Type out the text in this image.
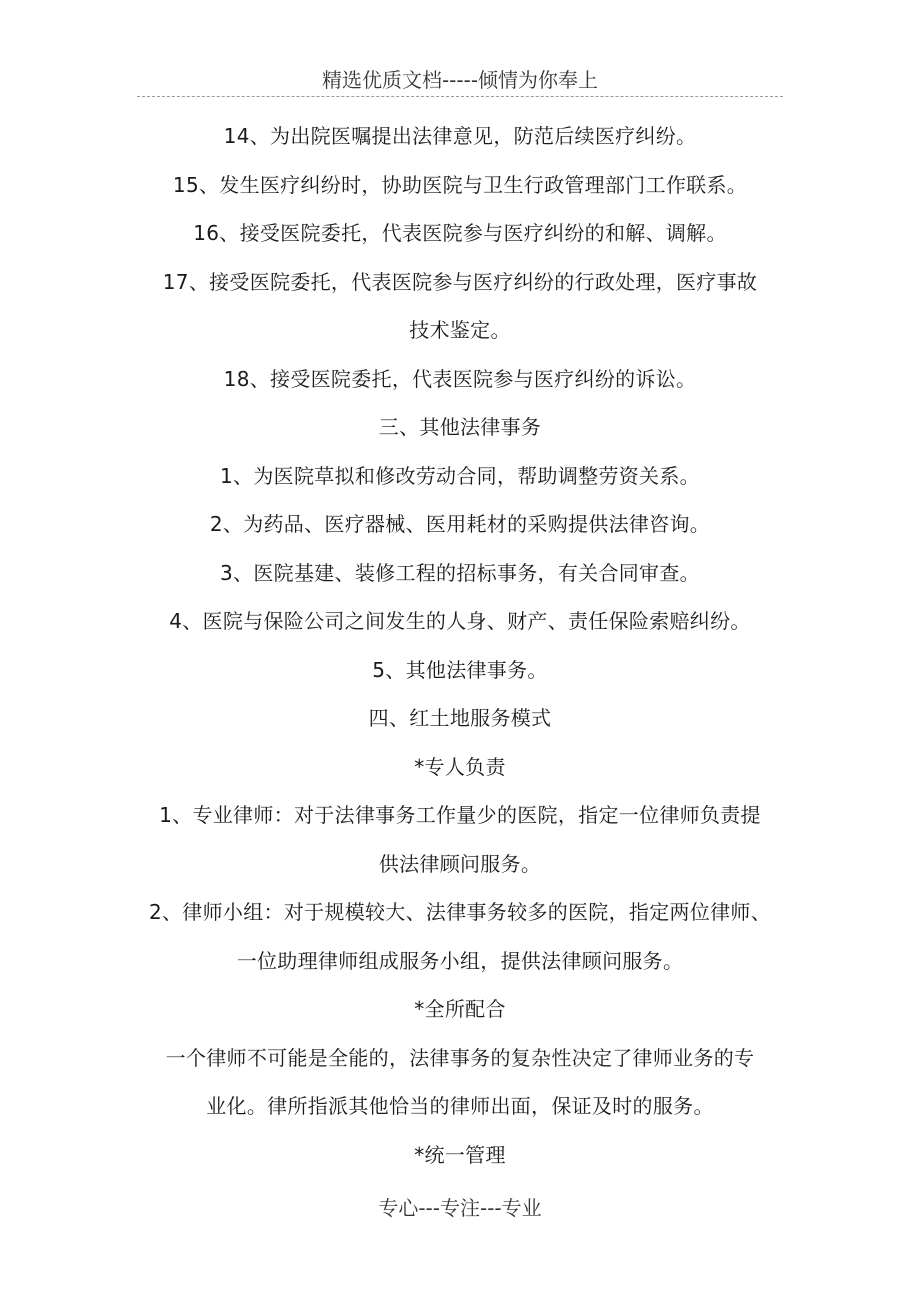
精选优质文档-----倾情为你奉上
14、为出院医嘱提出法律意见，防范后续医疗纠纷。
15、发生医疗纠纷时，协助医院与卫生行政管理部门工作联系。
16、接受医院委托，代表医院参与医疗纠纷的和解、调解。
17、接受医院委托，代表医院参与医疗纠纷的行政处理，医疗事故
技术鉴定。
18、接受医院委托，代表医院参与医疗纠纷的诉讼。
三、其他法律事务
1、为医院草拟和修改劳动合同，帮助调整劳资关系。
2、为药品、医疗器械、医用耗材的采购提供法律咨询。
3、医院基建、装修工程的招标事务，有关合同审查。
4、医院与保险公司之间发生的人身、财产、责任保险索赔纠纷。
5、其他法律事务。
四、红土地服务模式
*专人负责
1、专业律师：对于法律事务工作量少的医院，指定一位律师负责提
供法律顾问服务。
2、律师小组：对于规模较大、法律事务较多的医院，指定两位律师、
一位助理律师组成服务小组，提供法律顾问服务。
*全所配合
一个律师不可能是全能的，法律事务的复杂性决定了律师业务的专
业化。律所指派其他恰当的律师出面，保证及时的服务。
*统一管理
专心---专注---专业
